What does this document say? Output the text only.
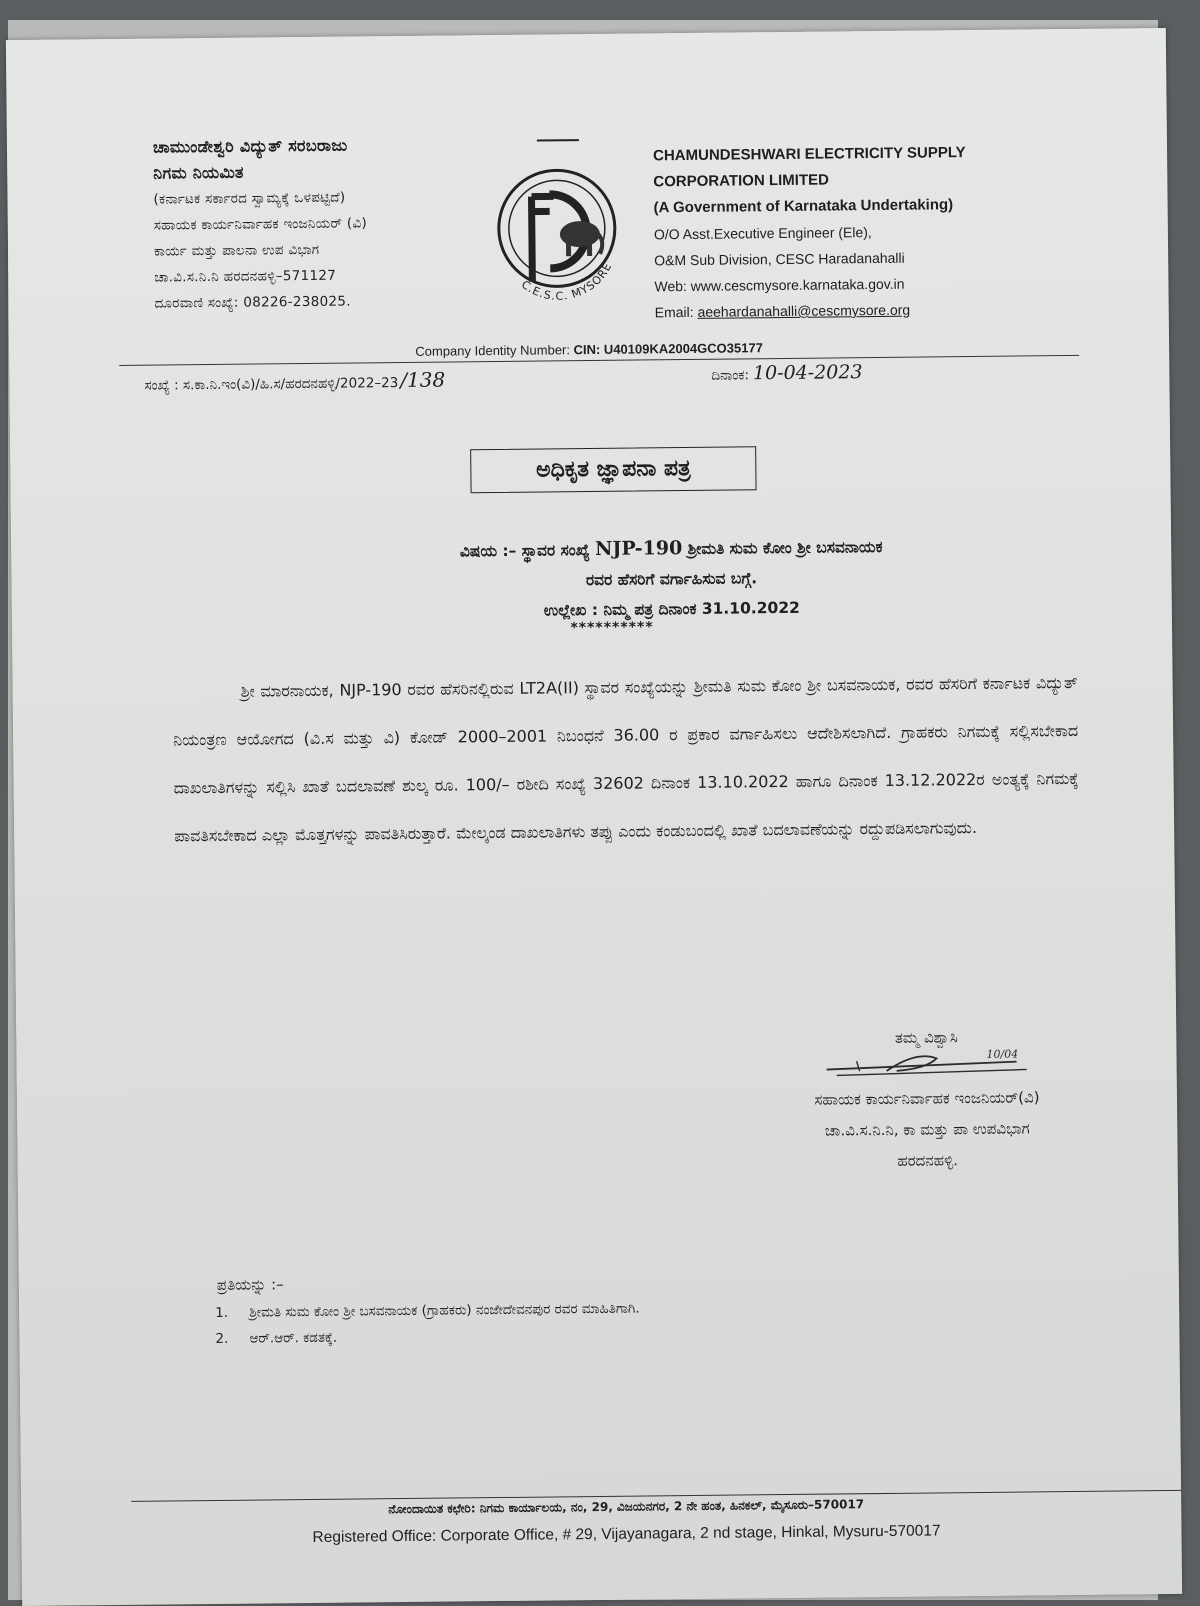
ಚಾಮುಂಡೇಶ್ವರಿ ವಿದ್ಯುತ್ ಸರಬರಾಜು
ನಿಗಮ ನಿಯಮಿತ
(ಕರ್ನಾಟಕ ಸರ್ಕಾರದ ಸ್ವಾಮ್ಯಕ್ಕೆ ಒಳಪಟ್ಟಿದೆ)
ಸಹಾಯಕ ಕಾರ್ಯನಿರ್ವಾಹಕ ಇಂಜನಿಯರ್ (ವಿ)
ಕಾರ್ಯ ಮತ್ತು ಪಾಲನಾ ಉಪ ವಿಭಾಗ
ಚಾ.ವಿ.ಸ.ನಿ.ನಿ ಹರದನಹಳ್ಳಿ–571127
ದೂರವಾಣಿ ಸಂಖ್ಯೆ: 08226-238025.
C.E.S.C. MYSORE
CHAMUNDESHWARI ELECTRICITY SUPPLY
CORPORATION LIMITED
(A Government of Karnataka Undertaking)
O/O Asst.Executive Engineer (Ele),
O&M Sub Division, CESC Haradanahalli
Web: www.cescmysore.karnataka.gov.in
Email: aeehardanahalli@cescmysore.org
Company Identity Number: CIN: U40109KA2004GCO35177
ಸಂಖ್ಯೆ : ಸ.ಕಾ.ನಿ.ಇಂ(ವಿ)/ಹಿ.ಸ/ಹರದನಹಳ್ಳಿ/2022–23/138	ದಿನಾಂಕ: 10-04-2023
ಅಧಿಕೃತ ಜ್ಞಾಪನಾ ಪತ್ರ
ವಿಷಯ :– ಸ್ಥಾವರ ಸಂಖ್ಯೆ NJP-190 ಶ್ರೀಮತಿ ಸುಮ ಕೋಂ ಶ್ರೀ ಬಸವನಾಯಕ
ರವರ ಹೆಸರಿಗೆ ವರ್ಗಾಹಿಸುವ ಬಗ್ಗೆ.
ಉಲ್ಲೇಖ : ನಿಮ್ಮ ಪತ್ರ ದಿನಾಂಕ 31.10.2022
**********
ಶ್ರೀ ಮಾರನಾಯಕ, NJP-190 ರವರ ಹೆಸರಿನಲ್ಲಿರುವ LT2A(II) ಸ್ಥಾವರ ಸಂಖ್ಯೆಯನ್ನು ಶ್ರೀಮತಿ ಸುಮ ಕೋಂ ಶ್ರೀ ಬಸವನಾಯಕ, ರವರ ಹೆಸರಿಗೆ ಕರ್ನಾಟಕ ವಿದ್ಯುತ್ ನಿಯಂತ್ರಣ ಆಯೋಗದ (ವಿ.ಸ ಮತ್ತು ವಿ) ಕೋಡ್ 2000–2001 ನಿಬಂಧನೆ 36.00 ರ ಪ್ರಕಾರ ವರ್ಗಾಹಿಸಲು ಆದೇಶಿಸಲಾಗಿದೆ. ಗ್ರಾಹಕರು ನಿಗಮಕ್ಕೆ ಸಲ್ಲಿಸಬೇಕಾದ ದಾಖಲಾತಿಗಳನ್ನು ಸಲ್ಲಿಸಿ ಖಾತೆ ಬದಲಾವಣೆ ಶುಲ್ಕ ರೂ. 100/– ರಶೀದಿ ಸಂಖ್ಯೆ 32602 ದಿನಾಂಕ 13.10.2022 ಹಾಗೂ ದಿನಾಂಕ 13.12.2022ರ ಅಂತ್ಯಕ್ಕೆ ನಿಗಮಕ್ಕೆ ಪಾವತಿಸಬೇಕಾದ ಎಲ್ಲಾ ಮೊತ್ತಗಳನ್ನು ಪಾವತಿಸಿರುತ್ತಾರೆ. ಮೇಲ್ಕಂಡ ದಾಖಲಾತಿಗಳು ತಪ್ಪು ಎಂದು ಕಂಡುಬಂದಲ್ಲಿ ಖಾತೆ ಬದಲಾವಣೆಯನ್ನು ರದ್ದುಪಡಿಸಲಾಗುವುದು.
10/04
ತಮ್ಮ ವಿಶ್ವಾಸಿ
ಸಹಾಯಕ ಕಾರ್ಯನಿರ್ವಾಹಕ ಇಂಜನಿಯರ್(ವಿ)
ಚಾ.ವಿ.ಸ.ನಿ.ನಿ, ಕಾ ಮತ್ತು ಪಾ ಉಪವಿಭಾಗ
ಹರದನಹಳ್ಳಿ.
ಪ್ರತಿಯನ್ನು :–
1. ಶ್ರೀಮತಿ ಸುಮ ಕೋಂ ಶ್ರೀ ಬಸವನಾಯಕ (ಗ್ರಾಹಕರು) ನಂಜೇದೇವನಪುರ ರವರ ಮಾಹಿತಿಗಾಗಿ.
2. ಆರ್.ಆರ್. ಕಡತಕ್ಕೆ.
ನೋಂದಾಯಿತ ಕಛೇರಿ: ನಿಗಮ ಕಾರ್ಯಾಲಯ, ನಂ, 29, ವಿಜಯನಗರ, 2 ನೇ ಹಂತ, ಹಿನಕಲ್, ಮೈಸೂರು–570017
Registered Office: Corporate Office, # 29, Vijayanagara, 2 nd stage, Hinkal, Mysuru-570017
